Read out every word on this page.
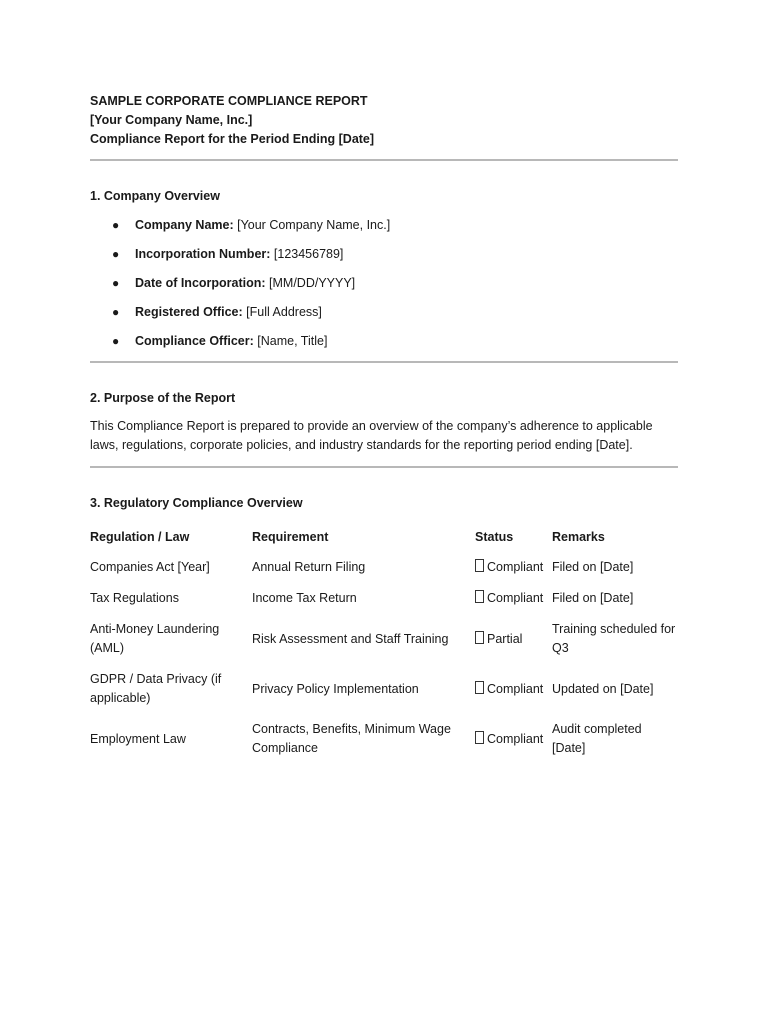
SAMPLE CORPORATE COMPLIANCE REPORT

[Your Company Name, Inc.]

Compliance Report for the Period Ending [Date]

1. Company Overview

● Company Name: [Your Company Name, Inc.]
● Incorporation Number: [123456789]
● Date of Incorporation: [MM/DD/YYYY]
● Registered Office: [Full Address]
● Compliance Officer: [Name, Title]

2. Purpose of the Report

This Compliance Report is prepared to provide an overview of the company’s adherence to applicable laws, regulations, corporate policies, and industry standards for the reporting period ending [Date].

3. Regulatory Compliance Overview

Regulation / Law	Requirement	Status	Remarks
Companies Act [Year]	Annual Return Filing	Compliant	Filed on [Date]
Tax Regulations	Income Tax Return	Compliant	Filed on [Date]
Anti-Money Laundering (AML)	Risk Assessment and Staff Training	Partial	Training scheduled for Q3
GDPR / Data Privacy (if applicable)	Privacy Policy Implementation	Compliant	Updated on [Date]
Employment Law	Contracts, Benefits, Minimum Wage Compliance	Compliant	Audit completed [Date]
